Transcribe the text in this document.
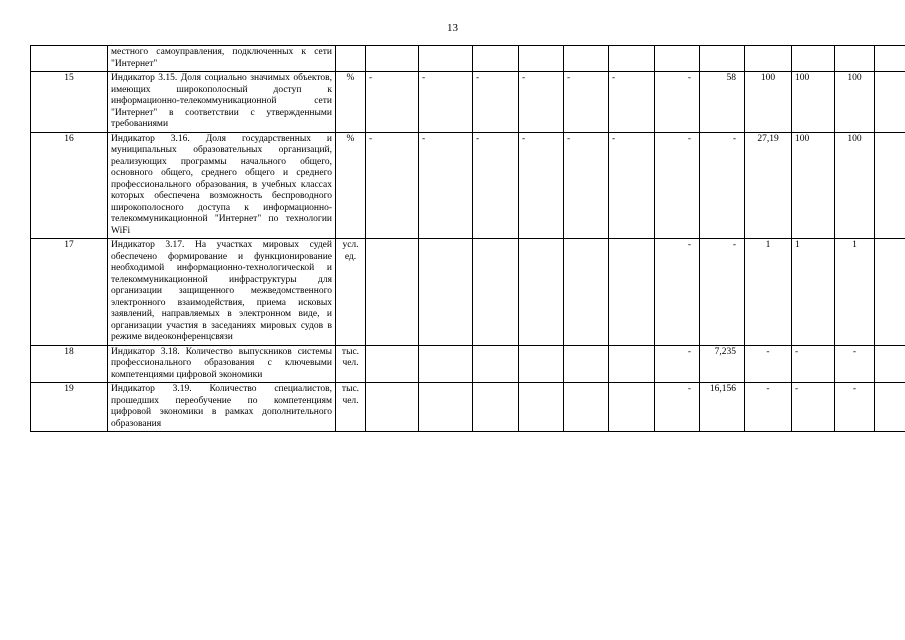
13
	местного самоуправления, подключенных к сети "Интернет"													
15	Индикатор 3.15. Доля социально значимых объектов, имеющих широкополосный доступ к информационно-телекоммуникационной сети "Интернет" в соответствии с утвержденными требованиями	%	-	-	-	-	-	-	-	58	100	100	100	
16	Индикатор 3.16. Доля государственных и муниципальных образовательных организаций, реализующих программы начального общего, основного общего, среднего общего и среднего профессионального образования, в учебных классах которых обеспечена возможность беспроводного широкополосного доступа к информационно-телекоммуникационной "Интернет" по технологии WiFi	%	-	-	-	-	-	-	-	-	27,19	100	100	
17	Индикатор 3.17. На участках мировых судей обеспечено формирование и функционирование необходимой информационно-технологической и телекоммуникационной инфраструктуры для организации защищенного межведомственного электронного взаимодействия, приема исковых заявлений, направляемых в электронном виде, и организации участия в заседаниях мировых судов в режиме видеоконференцсвязи	усл. ед.							-	-	1	1	1	
18	Индикатор 3.18. Количество выпускников системы профессионального образования с ключевыми компетенциями цифровой экономики	тыс. чел.							-	7,235	-	-	-	
19	Индикатор 3.19. Количество специалистов, прошедших переобучение по компетенциям цифровой экономики в рамках дополнительного образования	тыс. чел.							-	16,156	-	-	-	
